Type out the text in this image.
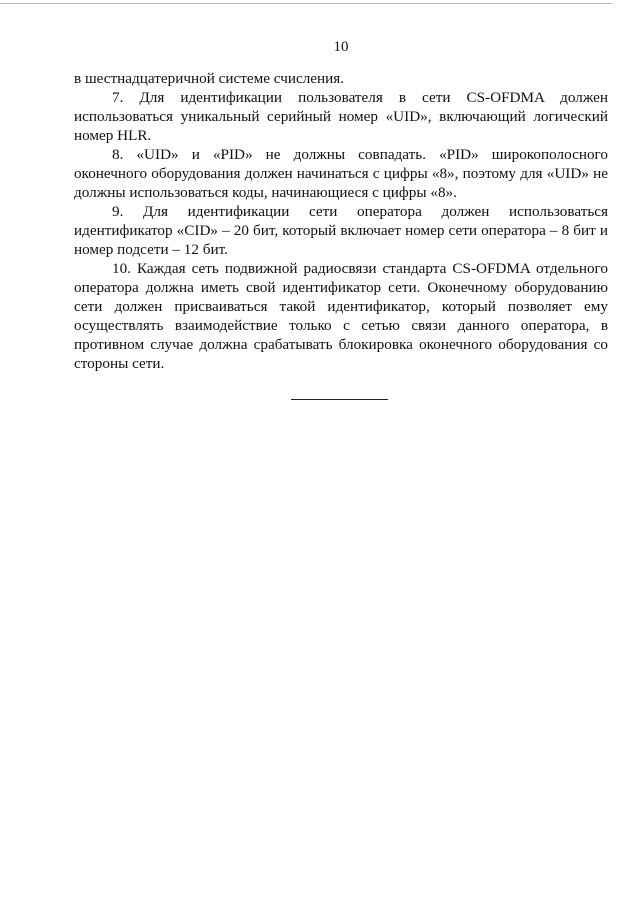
10

в шестнадцатеричной системе счисления.

7. Для идентификации пользователя в сети CS-OFDMA должен использоваться уникальный серийный номер «UID», включающий логический номер HLR.

8. «UID» и «PID» не должны совпадать. «PID» широкополосного оконечного оборудования должен начинаться с цифры «8», поэтому для «UID» не должны использоваться коды, начинающиеся с цифры «8».

9. Для идентификации сети оператора должен использоваться идентификатор «CID» – 20 бит, который включает номер сети оператора – 8 бит и номер подсети – 12 бит.

10. Каждая сеть подвижной радиосвязи стандарта CS-OFDMA отдельного оператора должна иметь свой идентификатор сети. Оконечному оборудованию сети должен присваиваться такой идентификатор, который позволяет ему осуществлять взаимодействие только с сетью связи данного оператора, в противном случае должна срабатывать блокировка оконечного оборудования со стороны сети.
